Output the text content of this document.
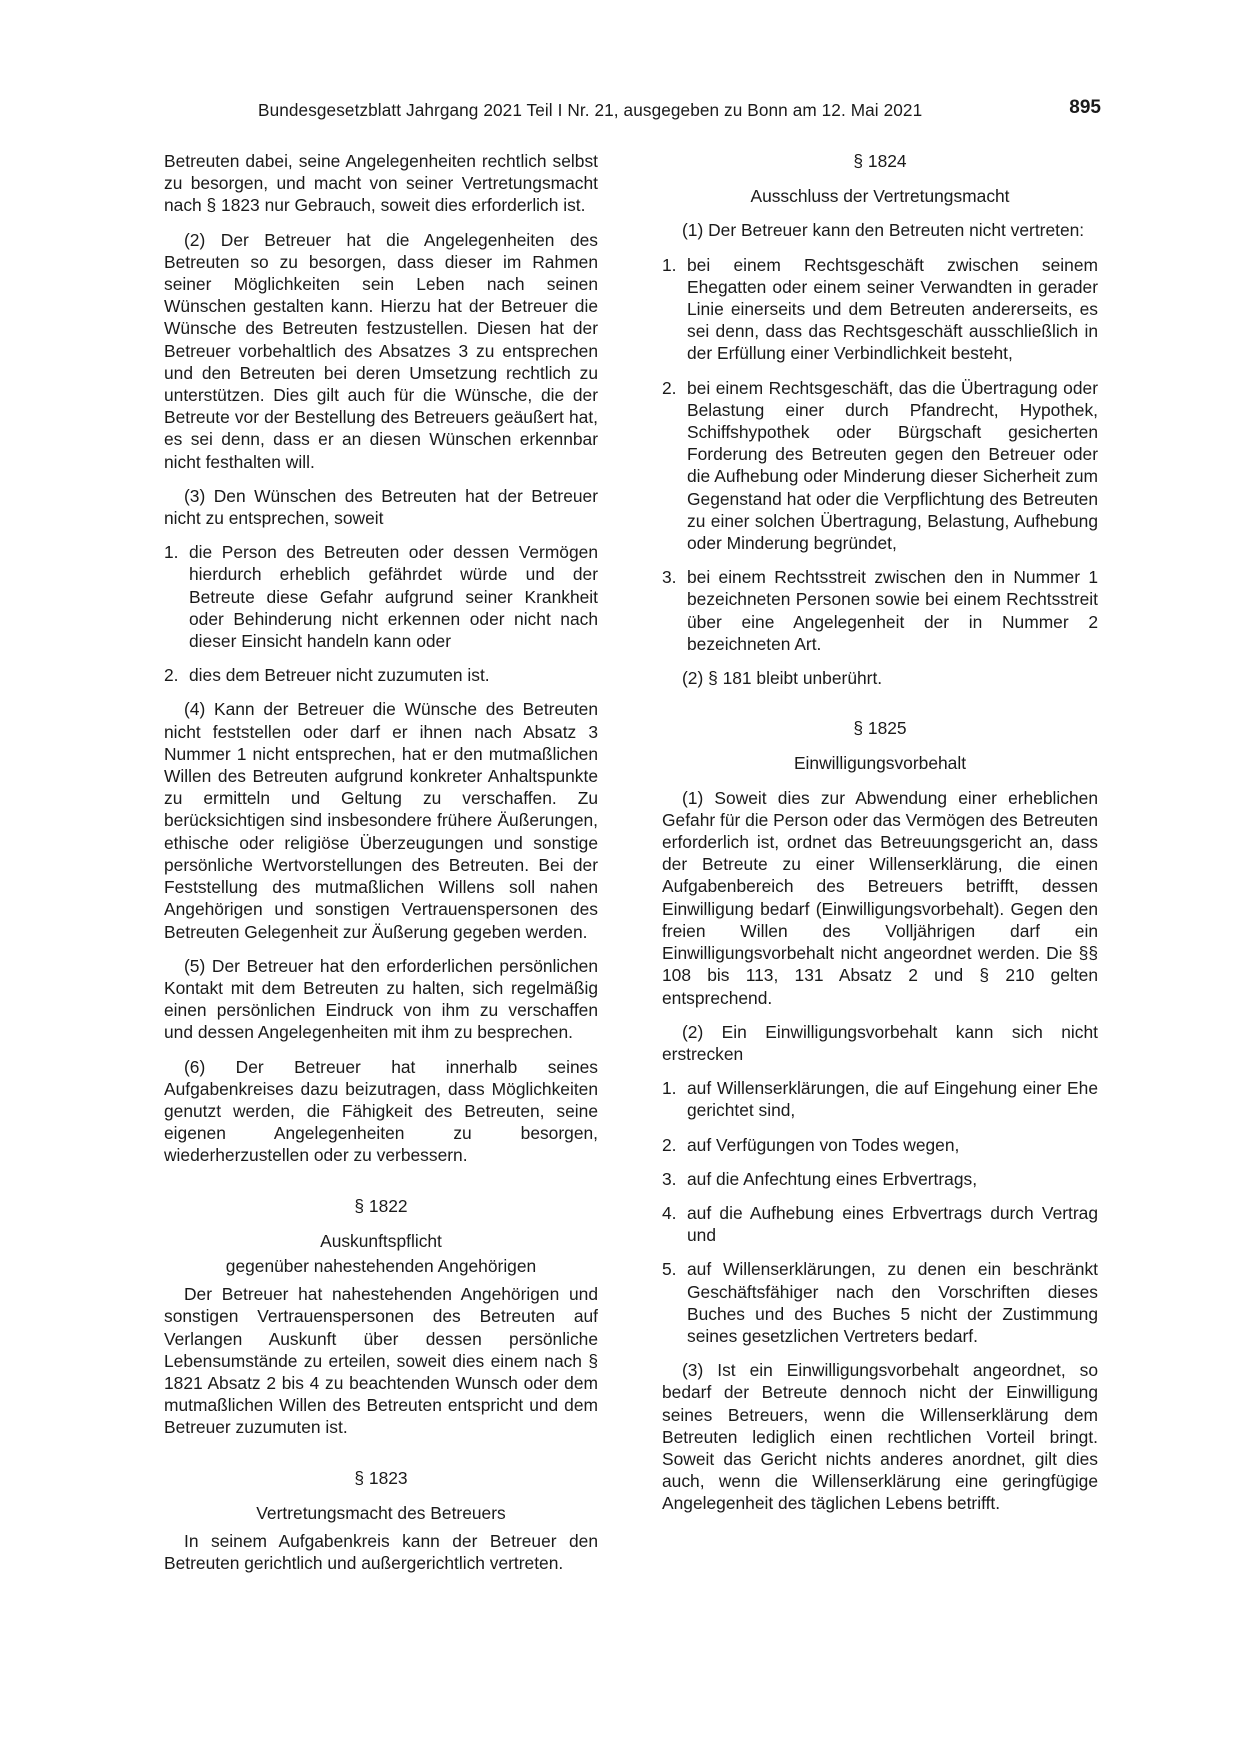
Bundesgesetzblatt Jahrgang 2021 Teil I Nr. 21, ausgegeben zu Bonn am 12. Mai 2021	895

Betreuten dabei, seine Angelegenheiten rechtlich selbst zu besorgen, und macht von seiner Vertretungsmacht nach § 1823 nur Gebrauch, soweit dies erforderlich ist.

(2) Der Betreuer hat die Angelegenheiten des Betreuten so zu besorgen, dass dieser im Rahmen seiner Möglichkeiten sein Leben nach seinen Wünschen gestalten kann. Hierzu hat der Betreuer die Wünsche des Betreuten festzustellen. Diesen hat der Betreuer vorbehaltlich des Absatzes 3 zu entsprechen und den Betreuten bei deren Umsetzung rechtlich zu unterstützen. Dies gilt auch für die Wünsche, die der Betreute vor der Bestellung des Betreuers geäußert hat, es sei denn, dass er an diesen Wünschen erkennbar nicht festhalten will.

(3) Den Wünschen des Betreuten hat der Betreuer nicht zu entsprechen, soweit

1. die Person des Betreuten oder dessen Vermögen hierdurch erheblich gefährdet würde und der Betreute diese Gefahr aufgrund seiner Krankheit oder Behinderung nicht erkennen oder nicht nach dieser Einsicht handeln kann oder
2. dies dem Betreuer nicht zuzumuten ist.

(4) Kann der Betreuer die Wünsche des Betreuten nicht feststellen oder darf er ihnen nach Absatz 3 Nummer 1 nicht entsprechen, hat er den mutmaßlichen Willen des Betreuten aufgrund konkreter Anhaltspunkte zu ermitteln und Geltung zu verschaffen. Zu berücksichtigen sind insbesondere frühere Äußerungen, ethische oder religiöse Überzeugungen und sonstige persönliche Wertvorstellungen des Betreuten. Bei der Feststellung des mutmaßlichen Willens soll nahen Angehörigen und sonstigen Vertrauenspersonen des Betreuten Gelegenheit zur Äußerung gegeben werden.

(5) Der Betreuer hat den erforderlichen persönlichen Kontakt mit dem Betreuten zu halten, sich regelmäßig einen persönlichen Eindruck von ihm zu verschaffen und dessen Angelegenheiten mit ihm zu besprechen.

(6) Der Betreuer hat innerhalb seines Aufgabenkreises dazu beizutragen, dass Möglichkeiten genutzt werden, die Fähigkeit des Betreuten, seine eigenen Angelegenheiten zu besorgen, wiederherzustellen oder zu verbessern.

§ 1822
Auskunftspflicht
gegenüber nahestehenden Angehörigen

Der Betreuer hat nahestehenden Angehörigen und sonstigen Vertrauenspersonen des Betreuten auf Verlangen Auskunft über dessen persönliche Lebensumstände zu erteilen, soweit dies einem nach § 1821 Absatz 2 bis 4 zu beachtenden Wunsch oder dem mutmaßlichen Willen des Betreuten entspricht und dem Betreuer zuzumuten ist.

§ 1823
Vertretungsmacht des Betreuers

In seinem Aufgabenkreis kann der Betreuer den Betreuten gerichtlich und außergerichtlich vertreten.

§ 1824
Ausschluss der Vertretungsmacht

(1) Der Betreuer kann den Betreuten nicht vertreten:

1. bei einem Rechtsgeschäft zwischen seinem Ehegatten oder einem seiner Verwandten in gerader Linie einerseits und dem Betreuten andererseits, es sei denn, dass das Rechtsgeschäft ausschließlich in der Erfüllung einer Verbindlichkeit besteht,
2. bei einem Rechtsgeschäft, das die Übertragung oder Belastung einer durch Pfandrecht, Hypothek, Schiffshypothek oder Bürgschaft gesicherten Forderung des Betreuten gegen den Betreuer oder die Aufhebung oder Minderung dieser Sicherheit zum Gegenstand hat oder die Verpflichtung des Betreuten zu einer solchen Übertragung, Belastung, Aufhebung oder Minderung begründet,
3. bei einem Rechtsstreit zwischen den in Nummer 1 bezeichneten Personen sowie bei einem Rechtsstreit über eine Angelegenheit der in Nummer 2 bezeichneten Art.

(2) § 181 bleibt unberührt.

§ 1825
Einwilligungsvorbehalt

(1) Soweit dies zur Abwendung einer erheblichen Gefahr für die Person oder das Vermögen des Betreuten erforderlich ist, ordnet das Betreuungsgericht an, dass der Betreute zu einer Willenserklärung, die einen Aufgabenbereich des Betreuers betrifft, dessen Einwilligung bedarf (Einwilligungsvorbehalt). Gegen den freien Willen des Volljährigen darf ein Einwilligungsvorbehalt nicht angeordnet werden. Die §§ 108 bis 113, 131 Absatz 2 und § 210 gelten entsprechend.

(2) Ein Einwilligungsvorbehalt kann sich nicht erstrecken

1. auf Willenserklärungen, die auf Eingehung einer Ehe gerichtet sind,
2. auf Verfügungen von Todes wegen,
3. auf die Anfechtung eines Erbvertrags,
4. auf die Aufhebung eines Erbvertrags durch Vertrag und
5. auf Willenserklärungen, zu denen ein beschränkt Geschäftsfähiger nach den Vorschriften dieses Buches und des Buches 5 nicht der Zustimmung seines gesetzlichen Vertreters bedarf.

(3) Ist ein Einwilligungsvorbehalt angeordnet, so bedarf der Betreute dennoch nicht der Einwilligung seines Betreuers, wenn die Willenserklärung dem Betreuten lediglich einen rechtlichen Vorteil bringt. Soweit das Gericht nichts anderes anordnet, gilt dies auch, wenn die Willenserklärung eine geringfügige Angelegenheit des täglichen Lebens betrifft.
